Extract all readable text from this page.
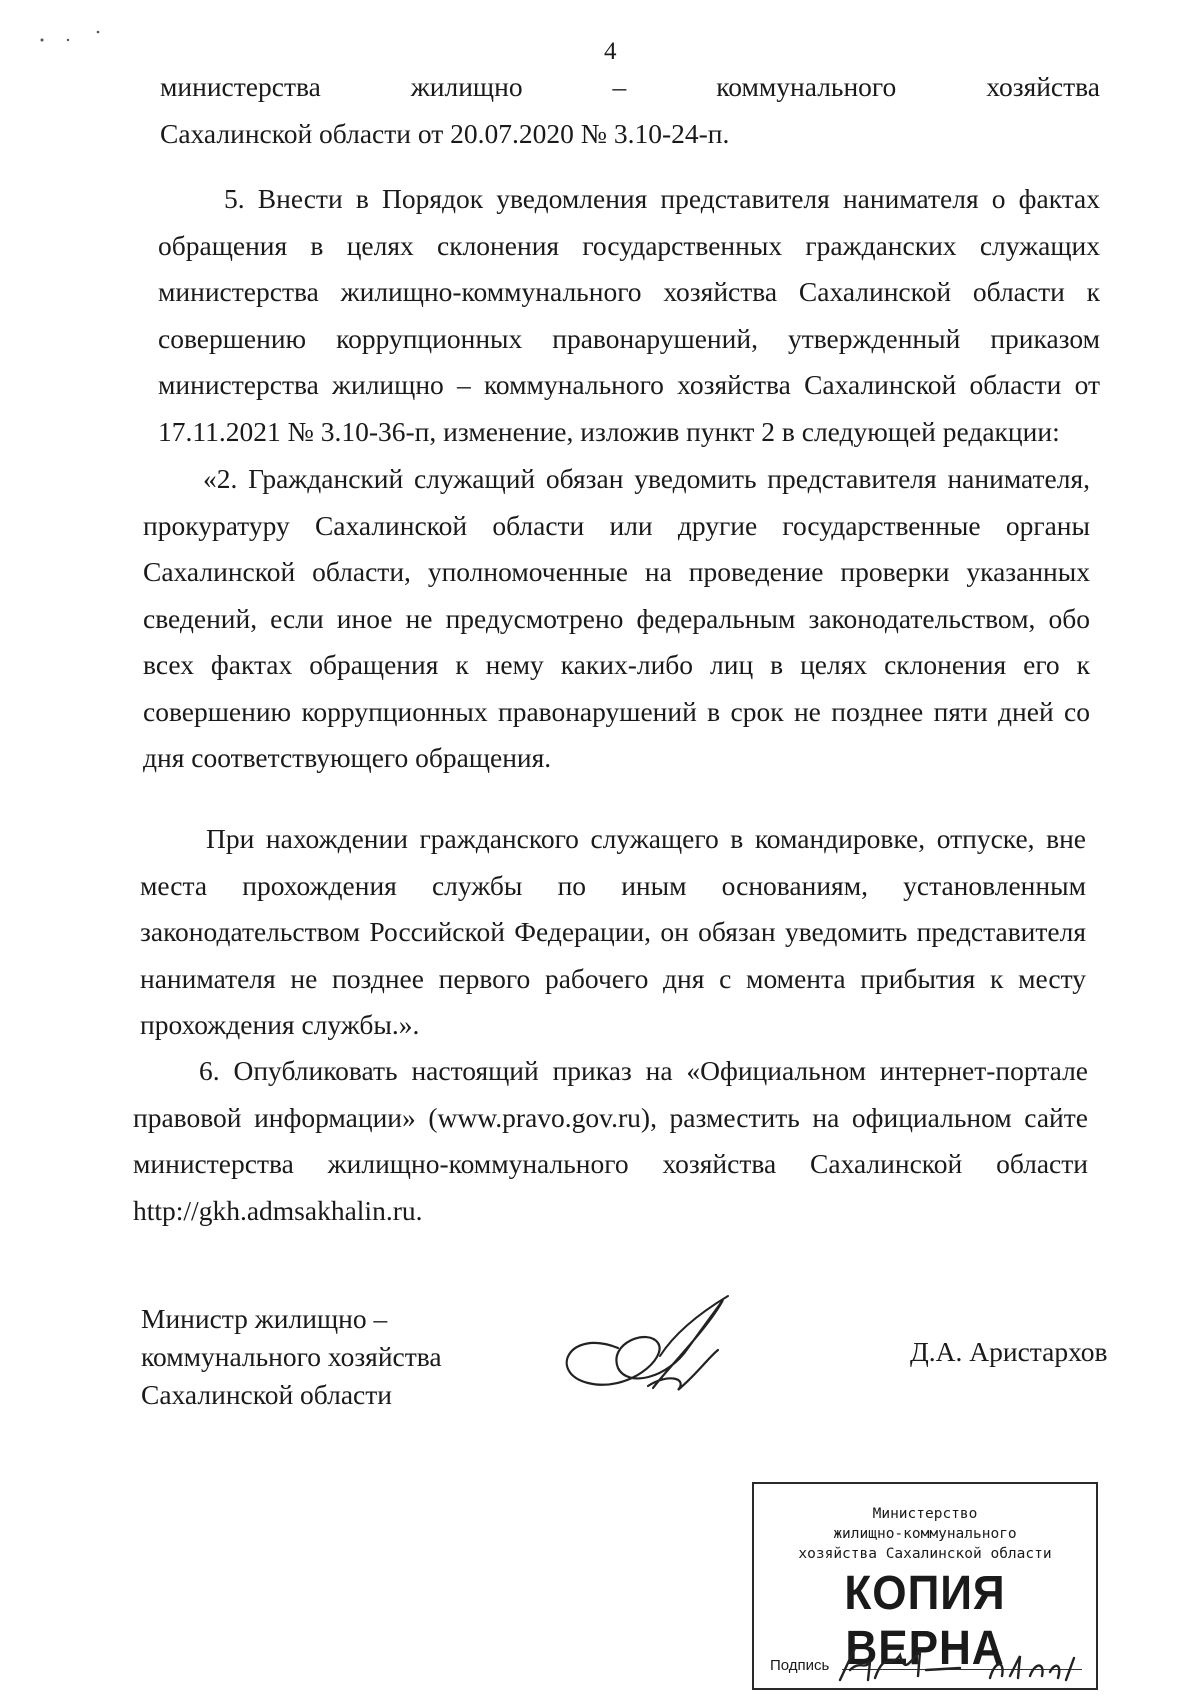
4

министерства жилищно – коммунального хозяйства

Сахалинской области от 20.07.2020 № 3.10-24-п.

5. Внести в Порядок уведомления представителя нанимателя о фактах обращения в целях склонения государственных гражданских служащих министерства жилищно-коммунального хозяйства Сахалинской области к совершению коррупционных правонарушений, утвержденный приказом министерства жилищно – коммунального хозяйства Сахалинской области от 17.11.2021 № 3.10-36-п, изменение, изложив пункт 2 в следующей редакции:

«2. Гражданский служащий обязан уведомить представителя нанимателя, прокуратуру Сахалинской области или другие государственные органы Сахалинской области, уполномоченные на проведение проверки указанных сведений, если иное не предусмотрено федеральным законодательством, обо всех фактах обращения к нему каких-либо лиц в целях склонения его к совершению коррупционных правонарушений в срок не позднее пяти дней со дня соответствующего обращения.

При нахождении гражданского служащего в командировке, отпуске, вне места прохождения службы по иным основаниям, установленным законодательством Российской Федерации, он обязан уведомить представителя нанимателя не позднее первого рабочего дня с момента прибытия к месту прохождения службы.».

6. Опубликовать настоящий приказ на «Официальном интернет-портале правовой информации» (www.pravo.gov.ru), разместить на официальном сайте министерства жилищно-коммунального хозяйства Сахалинской области http://gkh.admsakhalin.ru.

Министр жилищно –
коммунального хозяйства
Сахалинской области
Д.А. Аристархов
Министерство
жилищно-коммунального
хозяйства Сахалинской области
КОПИЯ ВЕРНА
Подпись
